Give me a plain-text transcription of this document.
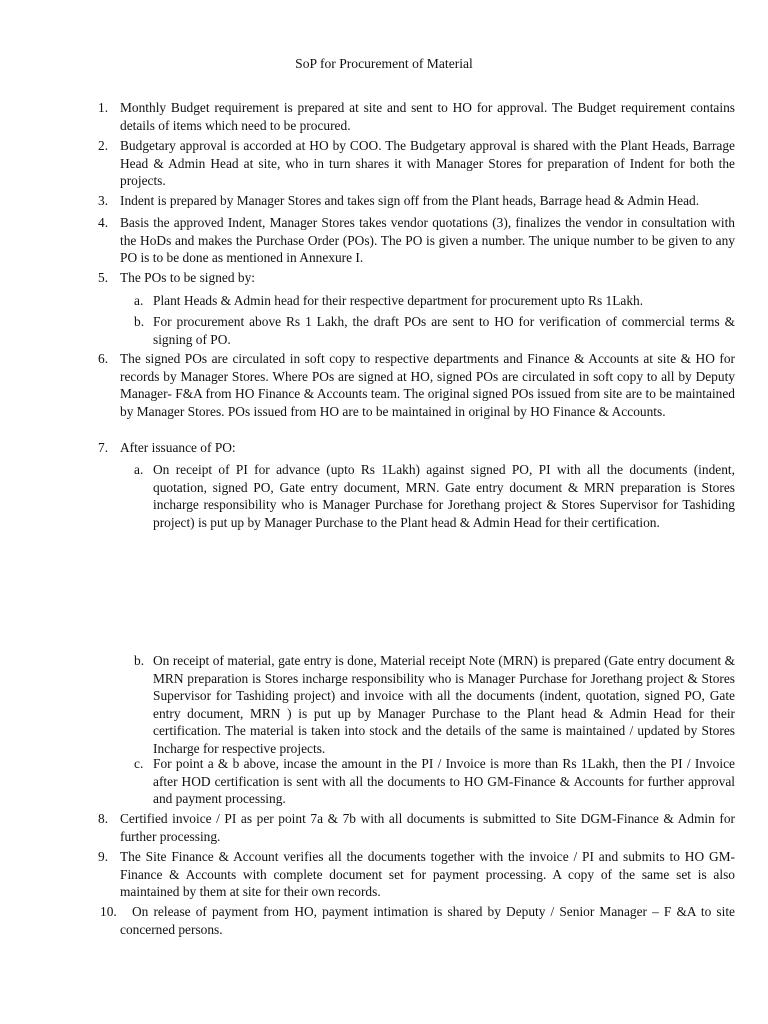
SoP for Procurement of Material
1. Monthly Budget requirement is prepared at site and sent to HO for approval. The Budget requirement contains details of items which need to be procured.
2. Budgetary approval is accorded at HO by COO. The Budgetary approval is shared with the Plant Heads, Barrage Head & Admin Head at site, who in turn shares it with Manager Stores for preparation of Indent for both the projects.
3. Indent is prepared by Manager Stores and takes sign off from the Plant heads, Barrage head & Admin Head.
4. Basis the approved Indent, Manager Stores takes vendor quotations (3), finalizes the vendor in consultation with the HoDs and makes the Purchase Order (POs). The PO is given a number. The unique number to be given to any PO is to be done as mentioned in Annexure I.
5. The POs to be signed by:
a. Plant Heads & Admin head for their respective department for procurement upto Rs 1Lakh.
b. For procurement above Rs 1 Lakh, the draft POs are sent to HO for verification of commercial terms & signing of PO.
6. The signed POs are circulated in soft copy to respective departments and Finance & Accounts at site & HO for records by Manager Stores. Where POs are signed at HO, signed POs are circulated in soft copy to all by Deputy Manager- F&A from HO Finance & Accounts team. The original signed POs issued from site are to be maintained by Manager Stores. POs issued from HO are to be maintained in original by HO Finance & Accounts.
7. After issuance of PO:
a. On receipt of PI for advance (upto Rs 1Lakh) against signed PO, PI with all the documents (indent, quotation, signed PO, Gate entry document, MRN. Gate entry document & MRN preparation is Stores incharge responsibility who is Manager Purchase for Jorethang project & Stores Supervisor for Tashiding project) is put up by Manager Purchase to the Plant head & Admin Head for their certification.
b. On receipt of material, gate entry is done, Material receipt Note (MRN) is prepared (Gate entry document & MRN preparation is Stores incharge responsibility who is Manager Purchase for Jorethang project & Stores Supervisor for Tashiding project) and invoice with all the documents (indent, quotation, signed PO, Gate entry document, MRN ) is put up by Manager Purchase to the Plant head & Admin Head for their certification. The material is taken into stock and the details of the same is maintained / updated by Stores Incharge for respective projects.
c. For point a & b above, incase the amount in the PI / Invoice is more than Rs 1Lakh, then the PI / Invoice after HOD certification is sent with all the documents to HO GM-Finance & Accounts for further approval and payment processing.
8. Certified invoice / PI as per point 7a & 7b with all documents is submitted to Site DGM-Finance & Admin for further processing.
9. The Site Finance & Account verifies all the documents together with the invoice / PI and submits to HO GM-Finance & Accounts with complete document set for payment processing. A copy of the same set is also maintained by them at site for their own records.
10. On release of payment from HO, payment intimation is shared by Deputy / Senior Manager – F &A to site concerned persons.
